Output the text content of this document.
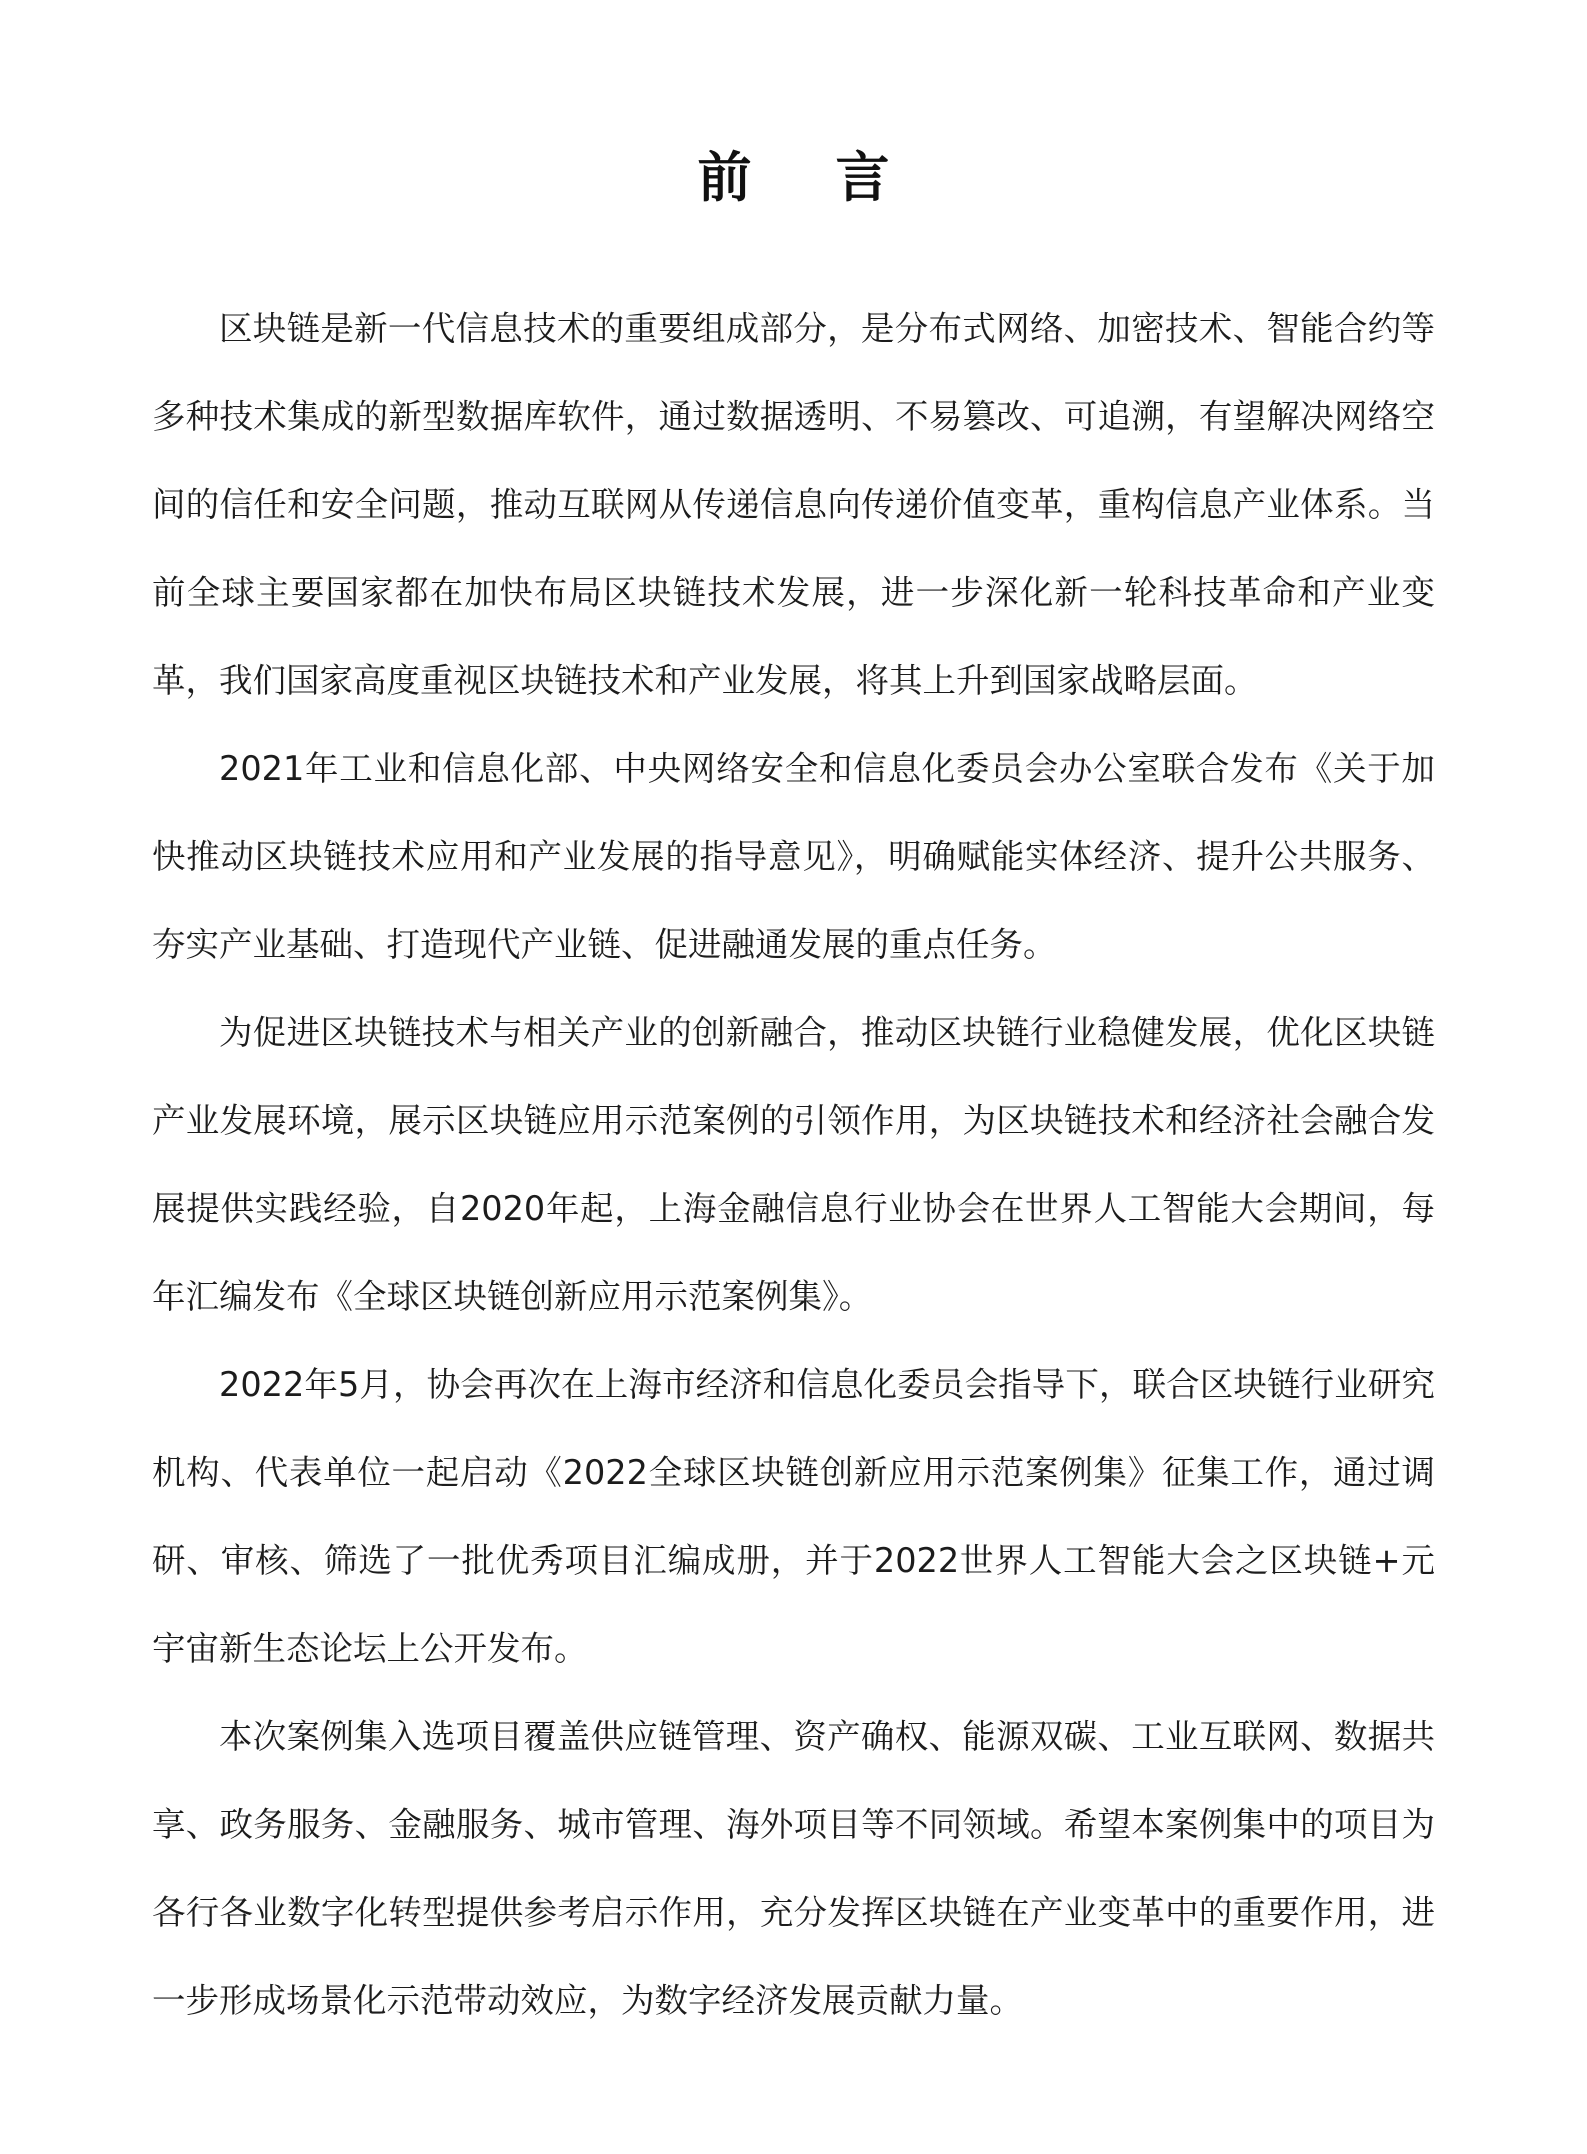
前言

区块链是新一代信息技术的重要组成部分，是分布式网络、加密技术、智能合约等多种技术集成的新型数据库软件，通过数据透明、不易篡改、可追溯，有望解决网络空间的信任和安全问题，推动互联网从传递信息向传递价值变革，重构信息产业体系。当前全球主要国家都在加快布局区块链技术发展，进一步深化新一轮科技革命和产业变革，我们国家高度重视区块链技术和产业发展，将其上升到国家战略层面。

2021年工业和信息化部、中央网络安全和信息化委员会办公室联合发布《关于加快推动区块链技术应用和产业发展的指导意见》，明确赋能实体经济、提升公共服务、夯实产业基础、打造现代产业链、促进融通发展的重点任务。

为促进区块链技术与相关产业的创新融合，推动区块链行业稳健发展，优化区块链产业发展环境，展示区块链应用示范案例的引领作用，为区块链技术和经济社会融合发展提供实践经验，自2020年起，上海金融信息行业协会在世界人工智能大会期间，每年汇编发布《全球区块链创新应用示范案例集》。

2022年5月，协会再次在上海市经济和信息化委员会指导下，联合区块链行业研究机构、代表单位一起启动《2022全球区块链创新应用示范案例集》征集工作，通过调研、审核、筛选了一批优秀项目汇编成册，并于2022世界人工智能大会之区块链+元宇宙新生态论坛上公开发布。

本次案例集入选项目覆盖供应链管理、资产确权、能源双碳、工业互联网、数据共享、政务服务、金融服务、城市管理、海外项目等不同领域。希望本案例集中的项目为各行各业数字化转型提供参考启示作用，充分发挥区块链在产业变革中的重要作用，进一步形成场景化示范带动效应，为数字经济发展贡献力量。
